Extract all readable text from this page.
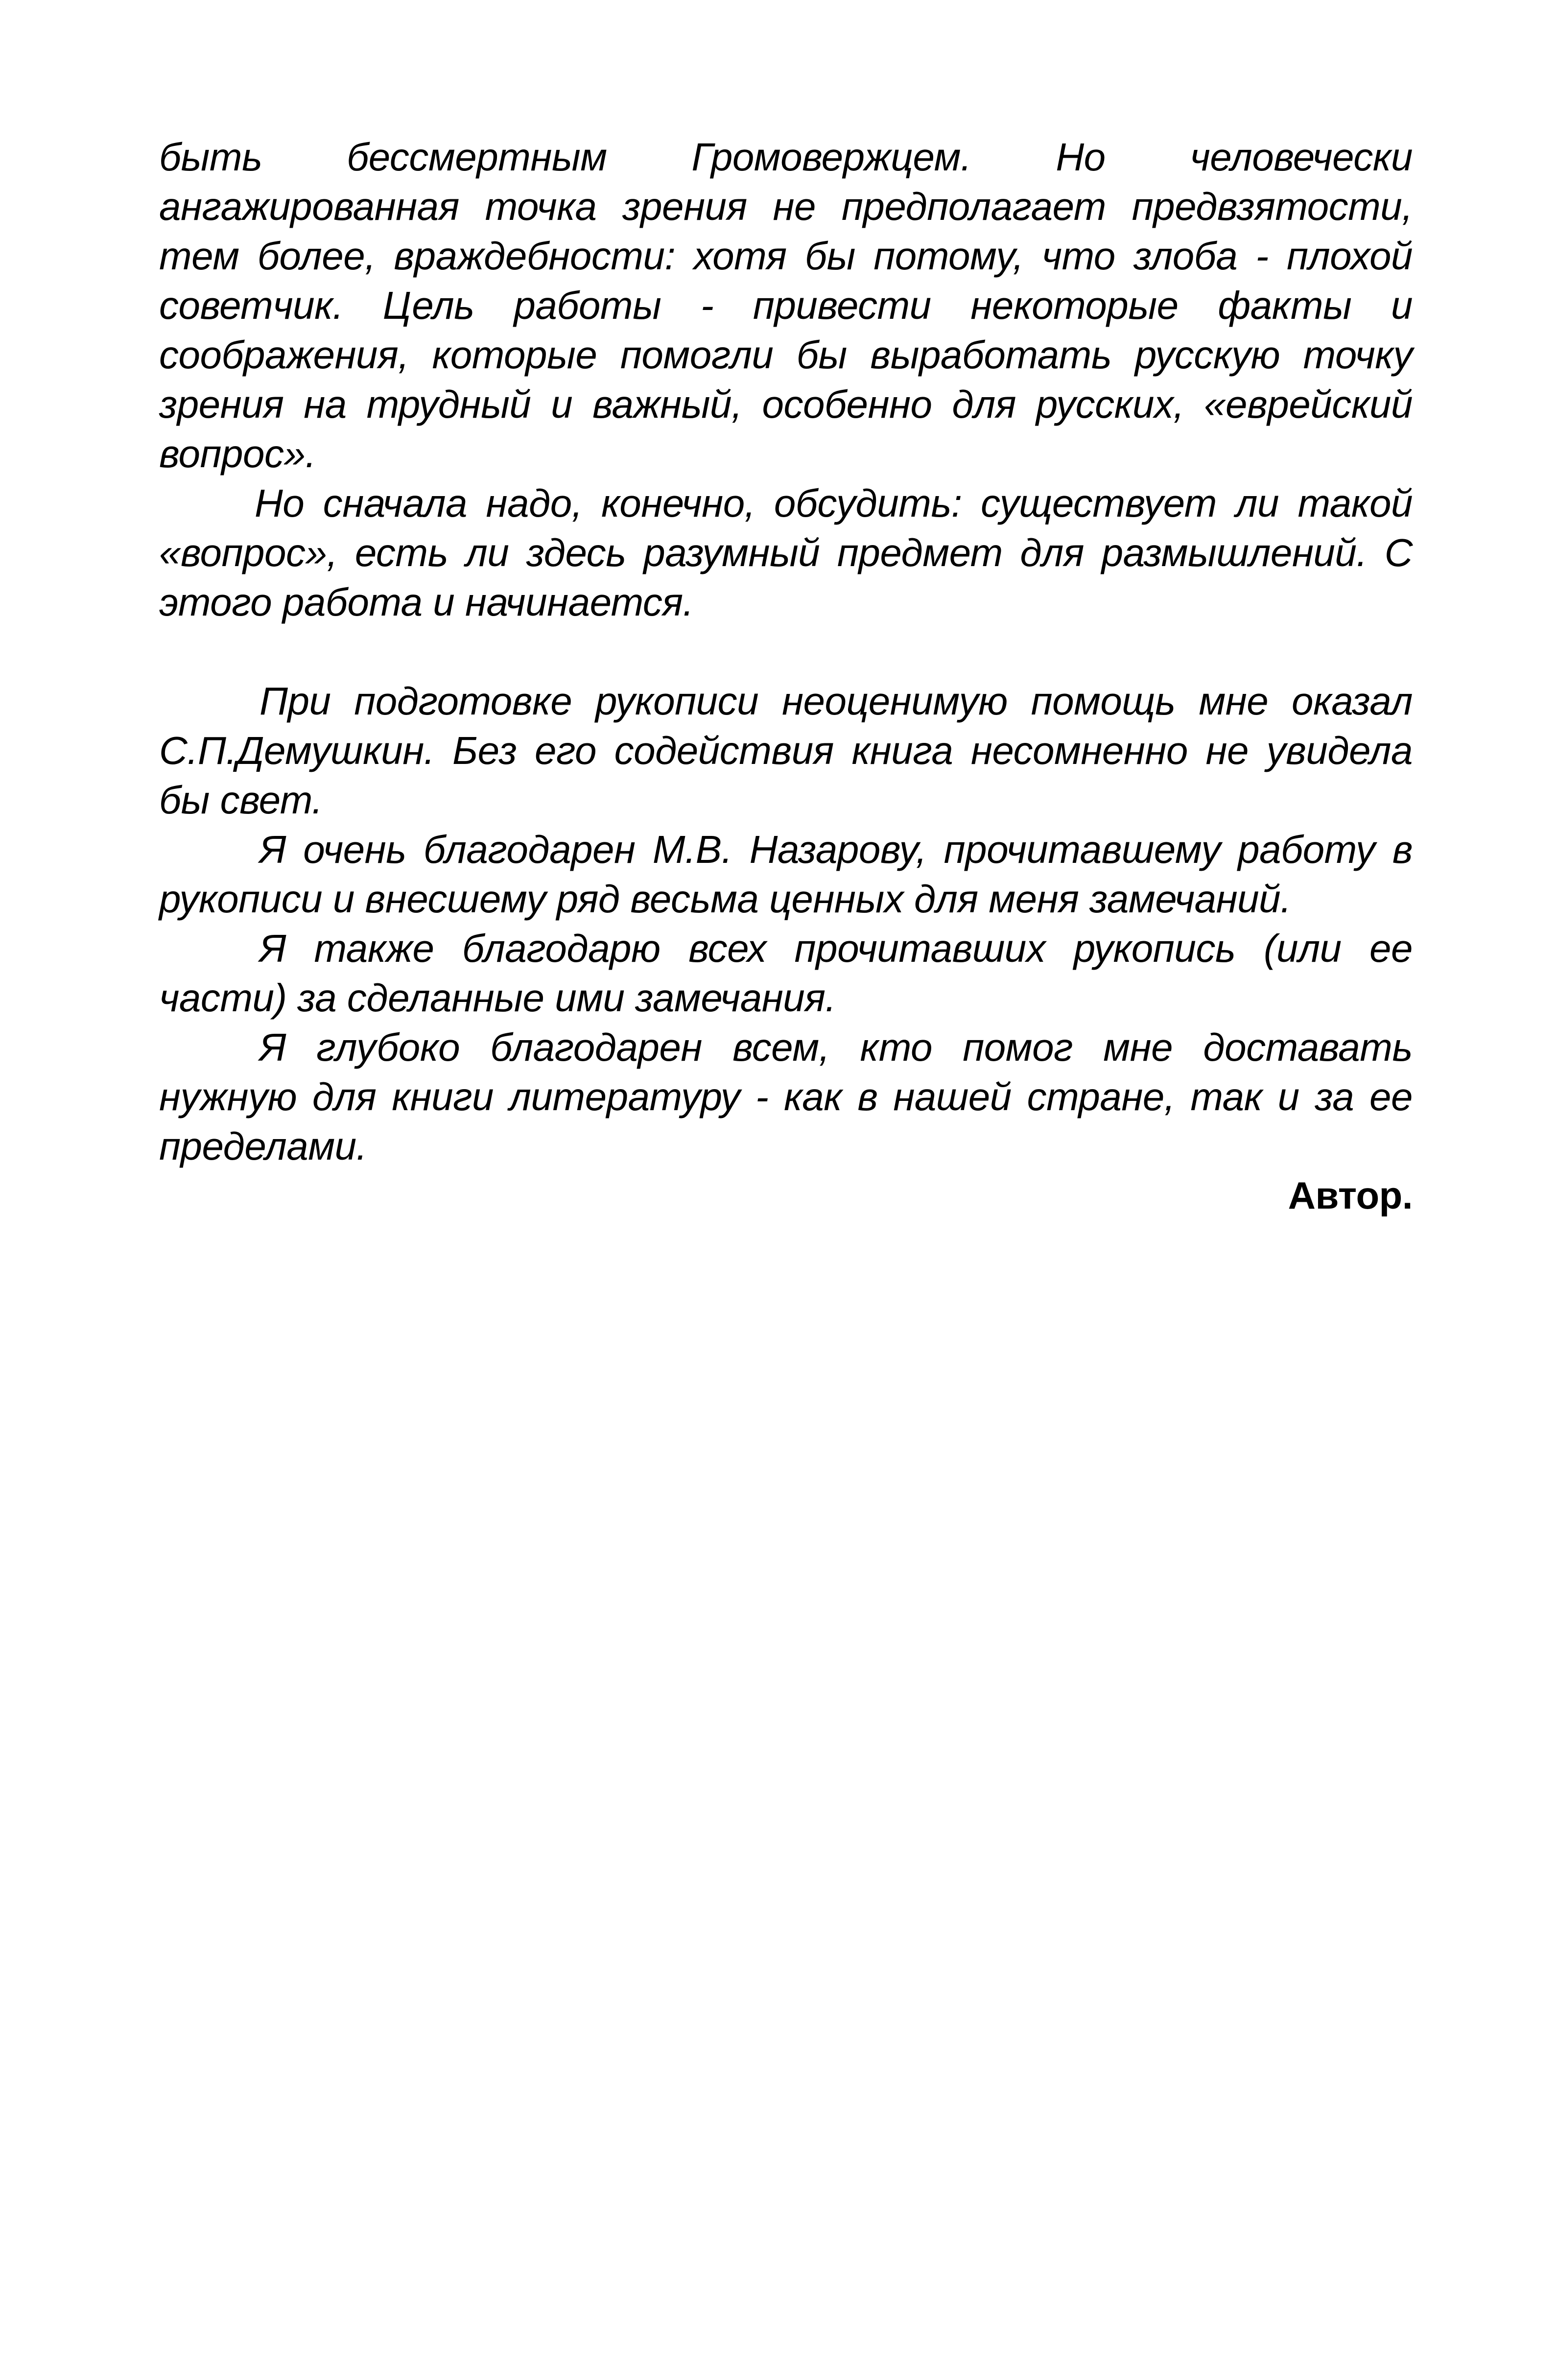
быть бессмертным Громовержцем. Но человечески ангажированная точка зрения не предполагает предвзятости, тем более, враждебности: хотя бы потому, что злоба - плохой советчик. Цель работы - привести некоторые факты и соображения, которые помогли бы выработать русскую точку зрения на трудный и важный, особенно для русских, «еврейский вопрос».

Но сначала надо, конечно, обсудить: существует ли такой «вопрос», есть ли здесь разумный предмет для размышлений. С этого работа и начинается.

При подготовке рукописи неоценимую помощь мне оказал С.П.Демушкин. Без его содействия книга несомненно не увидела бы свет.

Я очень благодарен М.В. Назарову, прочитавшему работу в рукописи и внесшему ряд весьма ценных для меня замечаний.

Я также благодарю всех прочитавших рукопись (или ее части) за сделанные ими замечания.

Я глубоко благодарен всем, кто помог мне доставать нужную для книги литературу - как в нашей стране, так и за ее пределами.

Автор.
